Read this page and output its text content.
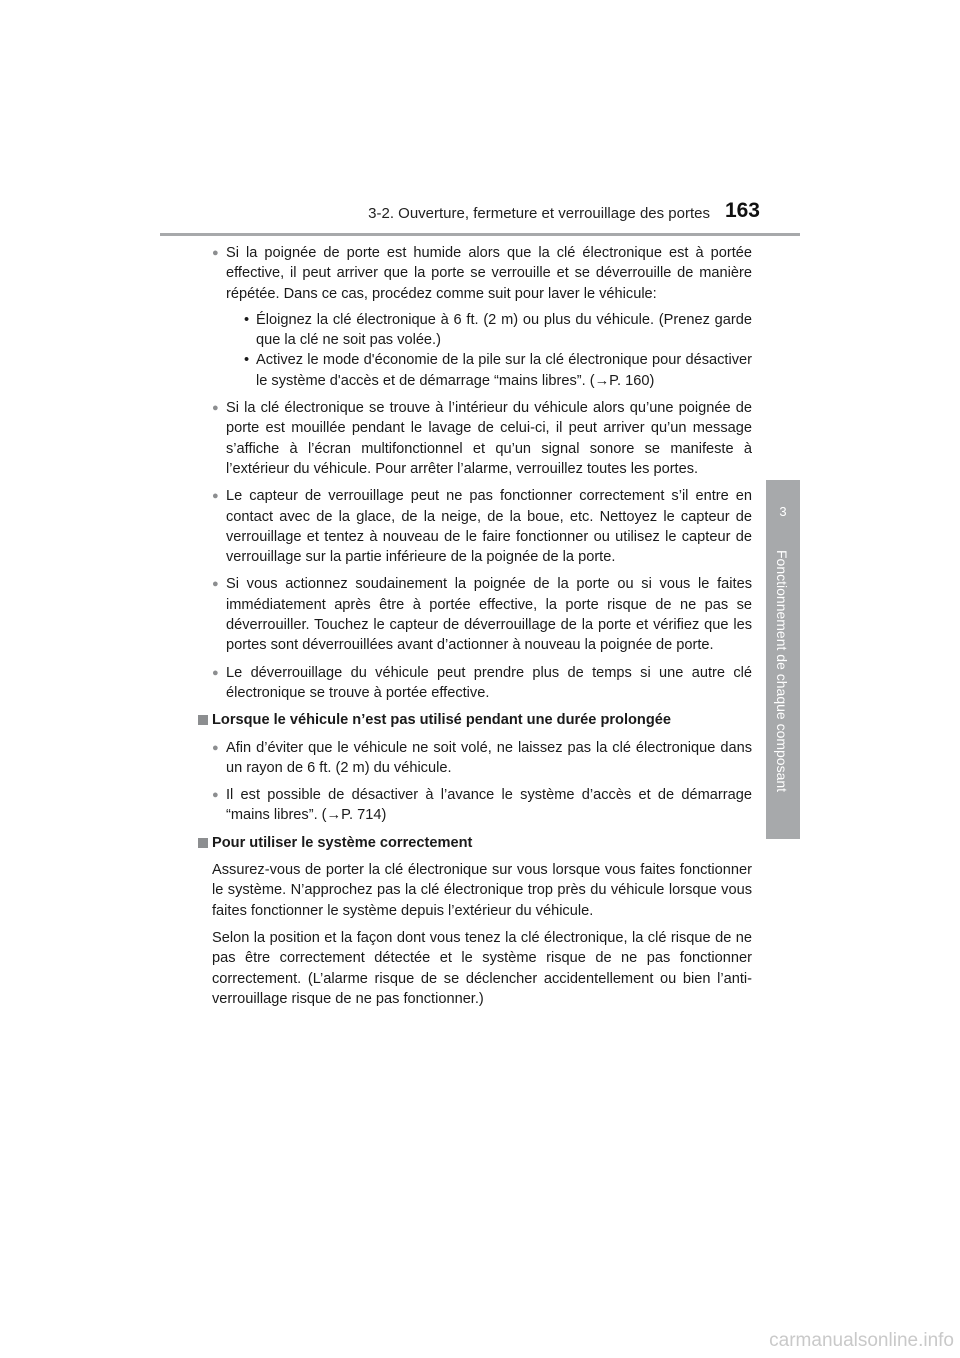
3-2. Ouverture, fermeture et verrouillage des portes 163
3
Fonctionnement de chaque composant
● Si la poignée de porte est humide alors que la clé électronique est à portée effective, il peut arriver que la porte se verrouille et se déverrouille de manière répétée. Dans ce cas, procédez comme suit pour laver le véhicule:
• Éloignez la clé électronique à 6 ft. (2 m) ou plus du véhicule. (Prenez garde que la clé ne soit pas volée.)
• Activez le mode d'économie de la pile sur la clé électronique pour désactiver le système d'accès et de démarrage “mains libres”. (→P. 160)
● Si la clé électronique se trouve à l’intérieur du véhicule alors qu’une poignée de porte est mouillée pendant le lavage de celui-ci, il peut arriver qu’un message s’affiche à l’écran multifonctionnel et qu’un signal sonore se manifeste à l’extérieur du véhicule. Pour arrêter l’alarme, verrouillez toutes les portes.
● Le capteur de verrouillage peut ne pas fonctionner correctement s’il entre en contact avec de la glace, de la neige, de la boue, etc. Nettoyez le capteur de verrouillage et tentez à nouveau de le faire fonctionner ou utilisez le capteur de verrouillage sur la partie inférieure de la poignée de la porte.
● Si vous actionnez soudainement la poignée de la porte ou si vous le faites immédiatement après être à portée effective, la porte risque de ne pas se déverrouiller. Touchez le capteur de déverrouillage de la porte et vérifiez que les portes sont déverrouillées avant d’actionner à nouveau la poignée de porte.
● Le déverrouillage du véhicule peut prendre plus de temps si une autre clé électronique se trouve à portée effective.
Lorsque le véhicule n’est pas utilisé pendant une durée prolongée
● Afin d’éviter que le véhicule ne soit volé, ne laissez pas la clé électronique dans un rayon de 6 ft. (2 m) du véhicule.
● Il est possible de désactiver à l’avance le système d’accès et de démarrage “mains libres”. (→P. 714)
Pour utiliser le système correctement
Assurez-vous de porter la clé électronique sur vous lorsque vous faites fonctionner le système. N’approchez pas la clé électronique trop près du véhicule lorsque vous faites fonctionner le système depuis l’extérieur du véhicule.
Selon la position et la façon dont vous tenez la clé électronique, la clé risque de ne pas être correctement détectée et le système risque de ne pas fonctionner correctement. (L’alarme risque de se déclencher accidentellement ou bien l’anti-verrouillage risque de ne pas fonctionner.)
carmanualsonline.info
